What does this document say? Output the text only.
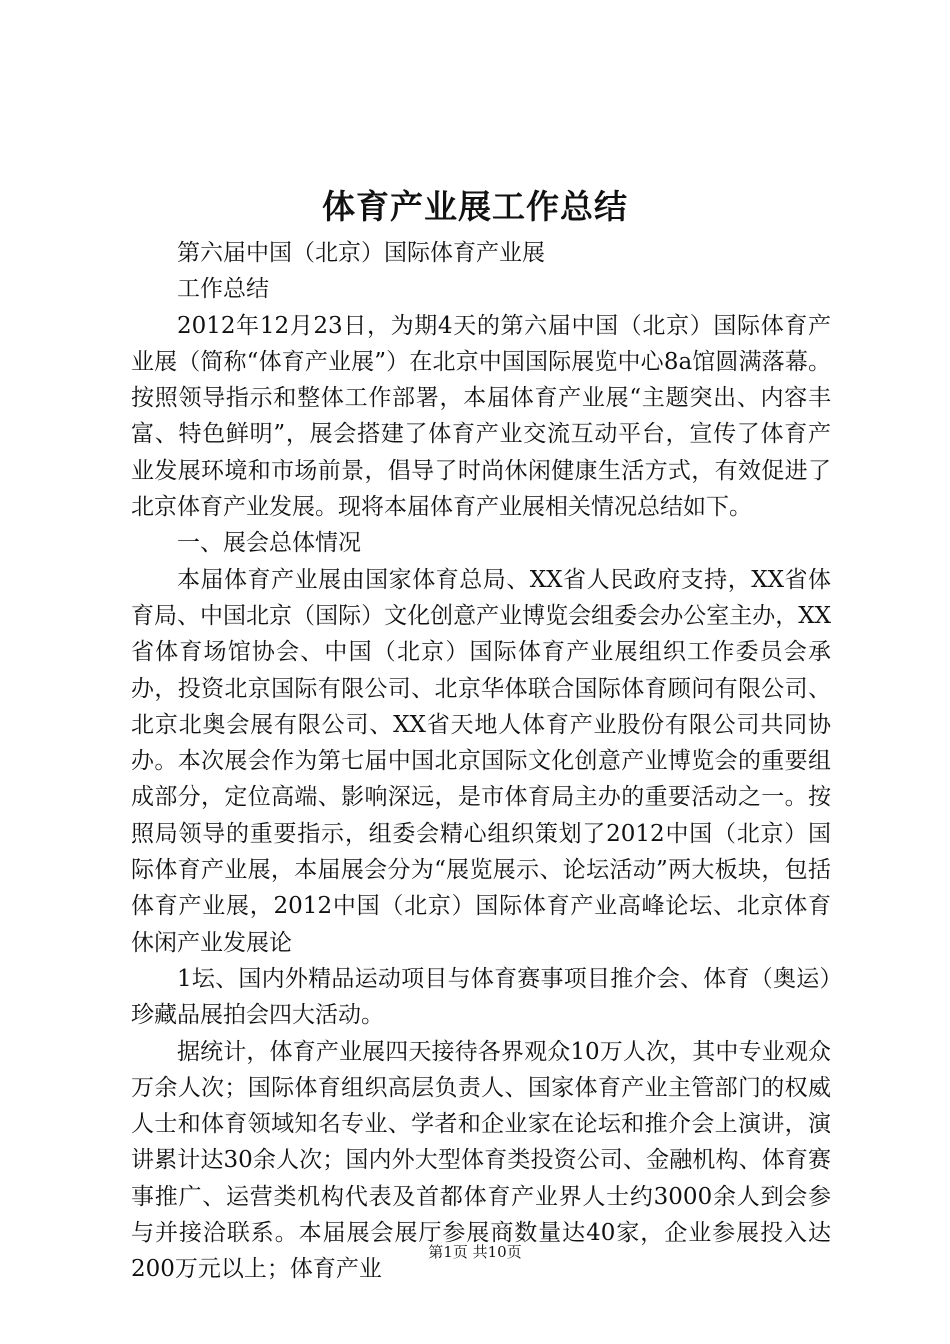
体育产业展工作总结

第六届中国（北京）国际体育产业展

工作总结

2012年12月23日，为期4天的第六届中国（北京）国际体育产业展（简称“体育产业展”）在北京中国国际展览中心8a馆圆满落幕。按照领导指示和整体工作部署，本届体育产业展“主题突出、内容丰富、特色鲜明”，展会搭建了体育产业交流互动平台，宣传了体育产业发展环境和市场前景，倡导了时尚休闲健康生活方式，有效促进了北京体育产业发展。现将本届体育产业展相关情况总结如下。

一、展会总体情况

本届体育产业展由国家体育总局、XX省人民政府支持，XX省体育局、中国北京（国际）文化创意产业博览会组委会办公室主办，XX省体育场馆协会、中国（北京）国际体育产业展组织工作委员会承办，投资北京国际有限公司、北京华体联合国际体育顾问有限公司、北京北奥会展有限公司、XX省天地人体育产业股份有限公司共同协办。本次展会作为第七届中国北京国际文化创意产业博览会的重要组成部分，定位高端、影响深远，是市体育局主办的重要活动之一。按照局领导的重要指示，组委会精心组织策划了2012中国（北京）国际体育产业展，本届展会分为“展览展示、论坛活动”两大板块，包括体育产业展，2012中国（北京）国际体育产业高峰论坛、北京体育休闲产业发展论

1坛、国内外精品运动项目与体育赛事项目推介会、体育（奥运）珍藏品展拍会四大活动。

据统计，体育产业展四天接待各界观众10万人次，其中专业观众万余人次；国际体育组织高层负责人、国家体育产业主管部门的权威人士和体育领域知名专业、学者和企业家在论坛和推介会上演讲，演讲累计达30余人次；国内外大型体育类投资公司、金融机构、体育赛事推广、运营类机构代表及首都体育产业界人士约3000余人到会参与并接洽联系。本届展会展厅参展商数量达40家，企业参展投入达200万元以上；体育产业

第1页 共10页
